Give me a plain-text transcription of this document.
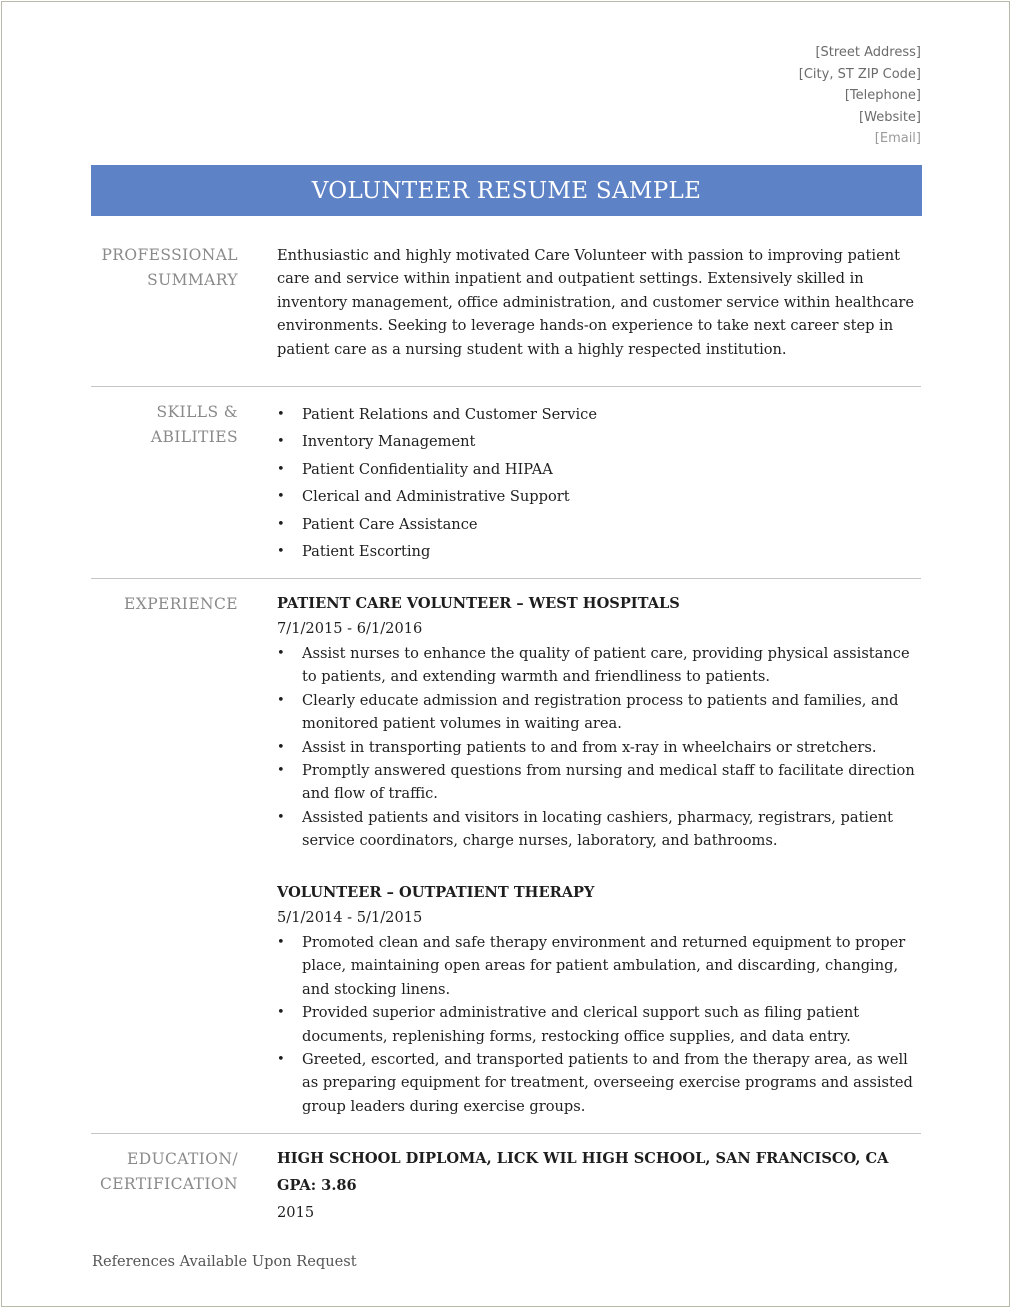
[Street Address]
[City, ST ZIP Code]
[Telephone]
[Website]
[Email]
VOLUNTEER RESUME SAMPLE
PROFESSIONAL
SUMMARY
Enthusiastic and highly motivated Care Volunteer with passion to improving patient care and service within inpatient and outpatient settings. Extensively skilled in inventory management, office administration, and customer service within healthcare environments. Seeking to leverage hands-on experience to take next career step in patient care as a nursing student with a highly respected institution.
SKILLS &
ABILITIES
• Patient Relations and Customer Service
• Inventory Management
• Patient Confidentiality and HIPAA
• Clerical and Administrative Support
• Patient Care Assistance
• Patient Escorting
EXPERIENCE	PATIENT CARE VOLUNTEER – WEST HOSPITALS
7/1/2015 - 6/1/2016
• Assist nurses to enhance the quality of patient care, providing physical assistance to patients, and extending warmth and friendliness to patients.
• Clearly educate admission and registration process to patients and families, and monitored patient volumes in waiting area.
• Assist in transporting patients to and from x-ray in wheelchairs or stretchers.
• Promptly answered questions from nursing and medical staff to facilitate direction and flow of traffic.
• Assisted patients and visitors in locating cashiers, pharmacy, registrars, patient service coordinators, charge nurses, laboratory, and bathrooms.
VOLUNTEER – OUTPATIENT THERAPY
5/1/2014 - 5/1/2015
• Promoted clean and safe therapy environment and returned equipment to proper place, maintaining open areas for patient ambulation, and discarding, changing, and stocking linens.
• Provided superior administrative and clerical support such as filing patient documents, replenishing forms, restocking office supplies, and data entry.
• Greeted, escorted, and transported patients to and from the therapy area, as well as preparing equipment for treatment, overseeing exercise programs and assisted group leaders during exercise groups.
EDUCATION/
CERTIFICATION
HIGH SCHOOL DIPLOMA, LICK WIL HIGH SCHOOL, SAN FRANCISCO, CA
GPA: 3.86
2015
References Available Upon Request
